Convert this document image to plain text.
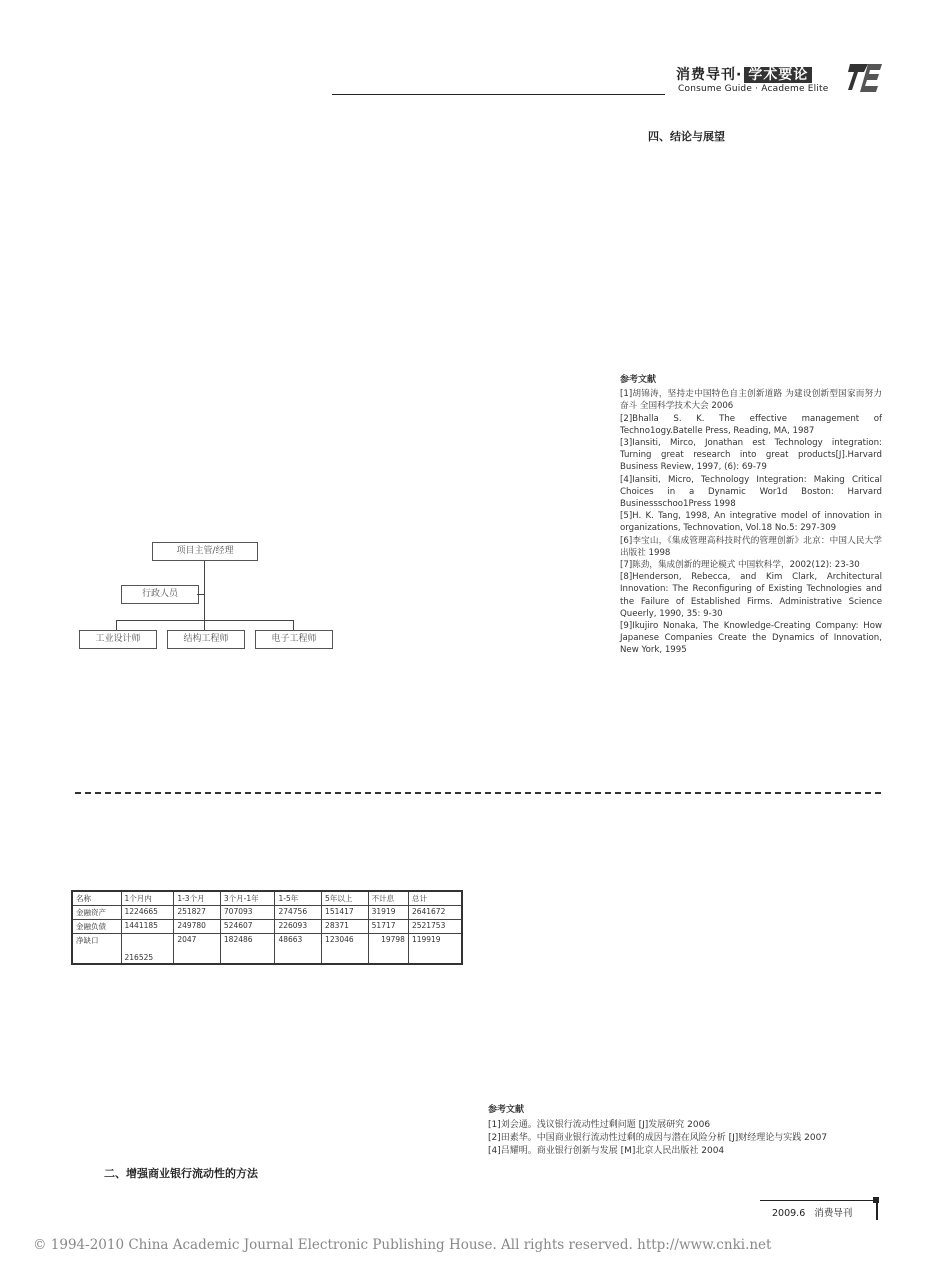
消费导刊· 学术要论
Consume Guide · Academe Elite
四、结论与展望
项目主管/经理
行政人员
工业设计师	结构工程师	电子工程师
参考文献

[1]胡锦涛，坚持走中国特色自主创新道路 为建设创新型国家而努力奋斗 全国科学技术大会 2006

[2]Bhalla S. K. The effective management of Techno1ogy.Batelle Press, Reading, MA, 1987

[3]Iansiti, Mirco, Jonathan est Technology integration: Turning great research into great products[J].Harvard Business Review, 1997, (6): 69-79

[4]Iansiti, Micro, Technology Integration: Making Critical Choices in a Dynamic Wor1d Boston: Harvard Businessschoo1Press 1998

[5]H. K. Tang, 1998, An integrative model of innovation in organizations, Technovation, Vol.18 No.5: 297-309

[6]李宝山，《集成管理高科技时代的管理创新》北京：中国人民大学出版社 1998

[7]陈劲，集成创新的理论模式 中国软科学，2002(12): 23-30

[8]Henderson, Rebecca, and Kim Clark, Architectural Innovation: The Reconfiguring of Existing Technologies and the Failure of Established Firms. Administrative Science Queerly, 1990, 35: 9-30

[9]Ikujiro Nonaka, The Knowledge-Creating Company: How Japanese Companies Create the Dynamics of Innovation, New York, 1995

名称	1个月内	1-3个月	3个月-1年	1-5年	5年以上	不计息	总计
金融资产	1224665	251827	707093	274756	151417	31919	2641672
金融负债	1441185	249780	524607	226093	28371	51717	2521753
净缺口	216525	2047	182486	48663	123046	19798	119919
参考文献

[1]刘会通。浅议银行流动性过剩问题 [J]发展研究 2006

[2]田素华。中国商业银行流动性过剩的成因与潜在风险分析 [J]财经理论与实践 2007

[4]吕耀明。商业银行创新与发展 [M]北京人民出版社 2004

二、增强商业银行流动性的方法
2009.6 消费导刊
© 1994-2010 China Academic Journal Electronic Publishing House. All rights reserved. http://www.cnki.net
